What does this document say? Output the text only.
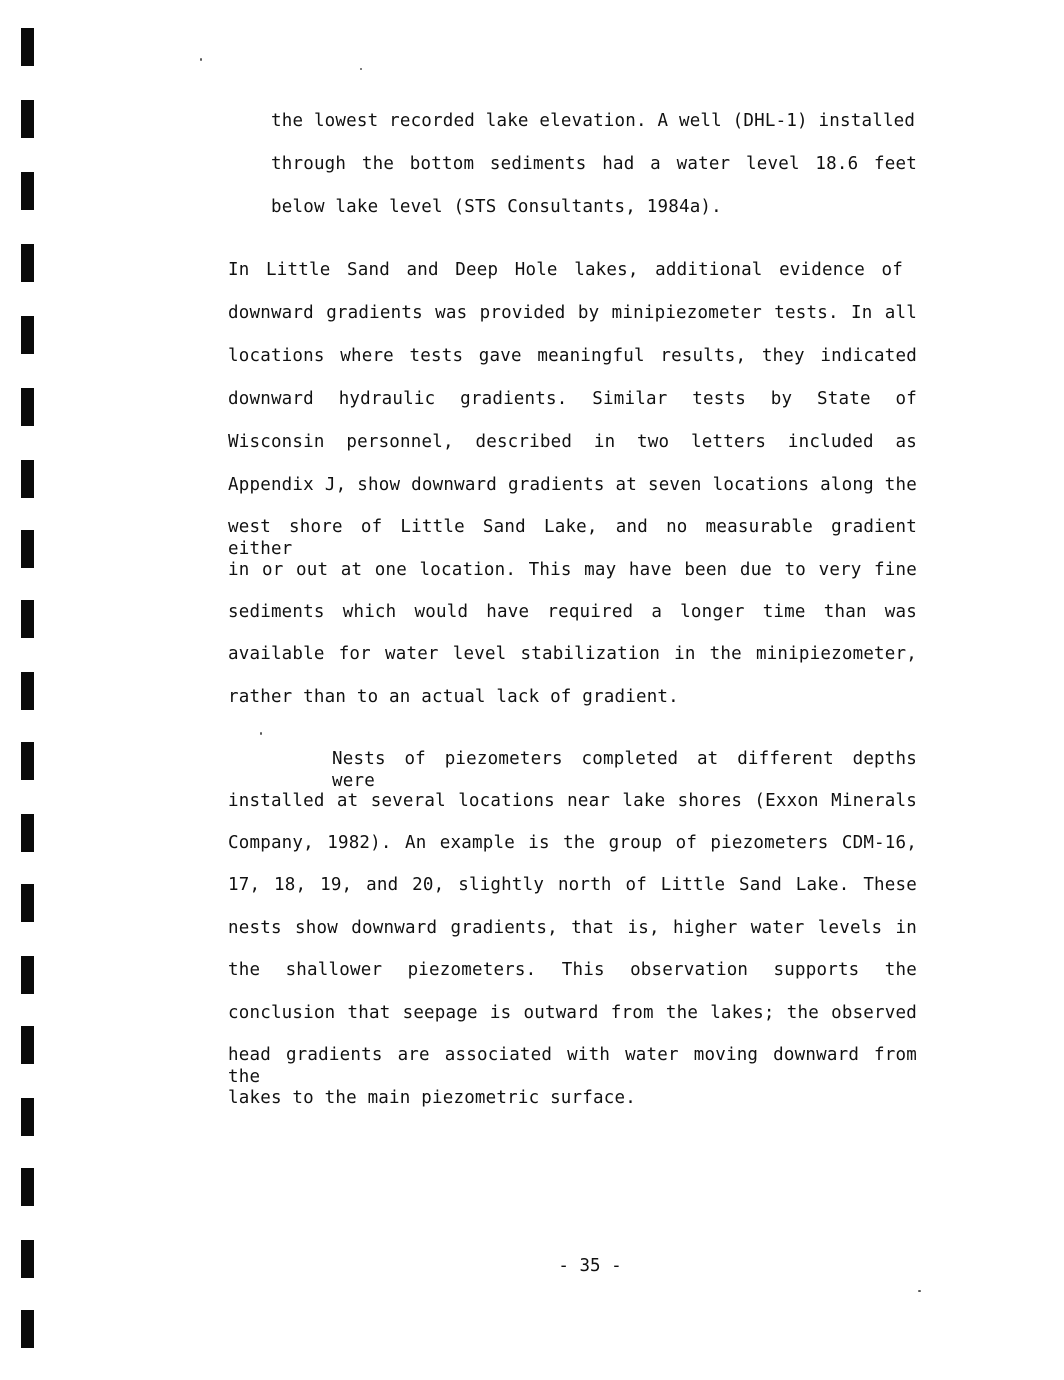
the lowest recorded lake elevation. A well (DHL-1) installed
through the bottom sediments had a water level 18.6 feet
below lake level (STS Consultants, 1984a).
In Little Sand and Deep Hole lakes, additional evidence of
downward gradients was provided by minipiezometer tests. In all
locations where tests gave meaningful results, they indicated
downward hydraulic gradients. Similar tests by State of
Wisconsin personnel, described in two letters included as
Appendix J, show downward gradients at seven locations along the
west shore of Little Sand Lake, and no measurable gradient either
in or out at one location. This may have been due to very fine
sediments which would have required a longer time than was
available for water level stabilization in the minipiezometer,
rather than to an actual lack of gradient.
Nests of piezometers completed at different depths were
installed at several locations near lake shores (Exxon Minerals
Company, 1982). An example is the group of piezometers CDM-16,
17, 18, 19, and 20, slightly north of Little Sand Lake. These
nests show downward gradients, that is, higher water levels in
the shallower piezometers. This observation supports the
conclusion that seepage is outward from the lakes; the observed
head gradients are associated with water moving downward from the
lakes to the main piezometric surface.
- 35 -
